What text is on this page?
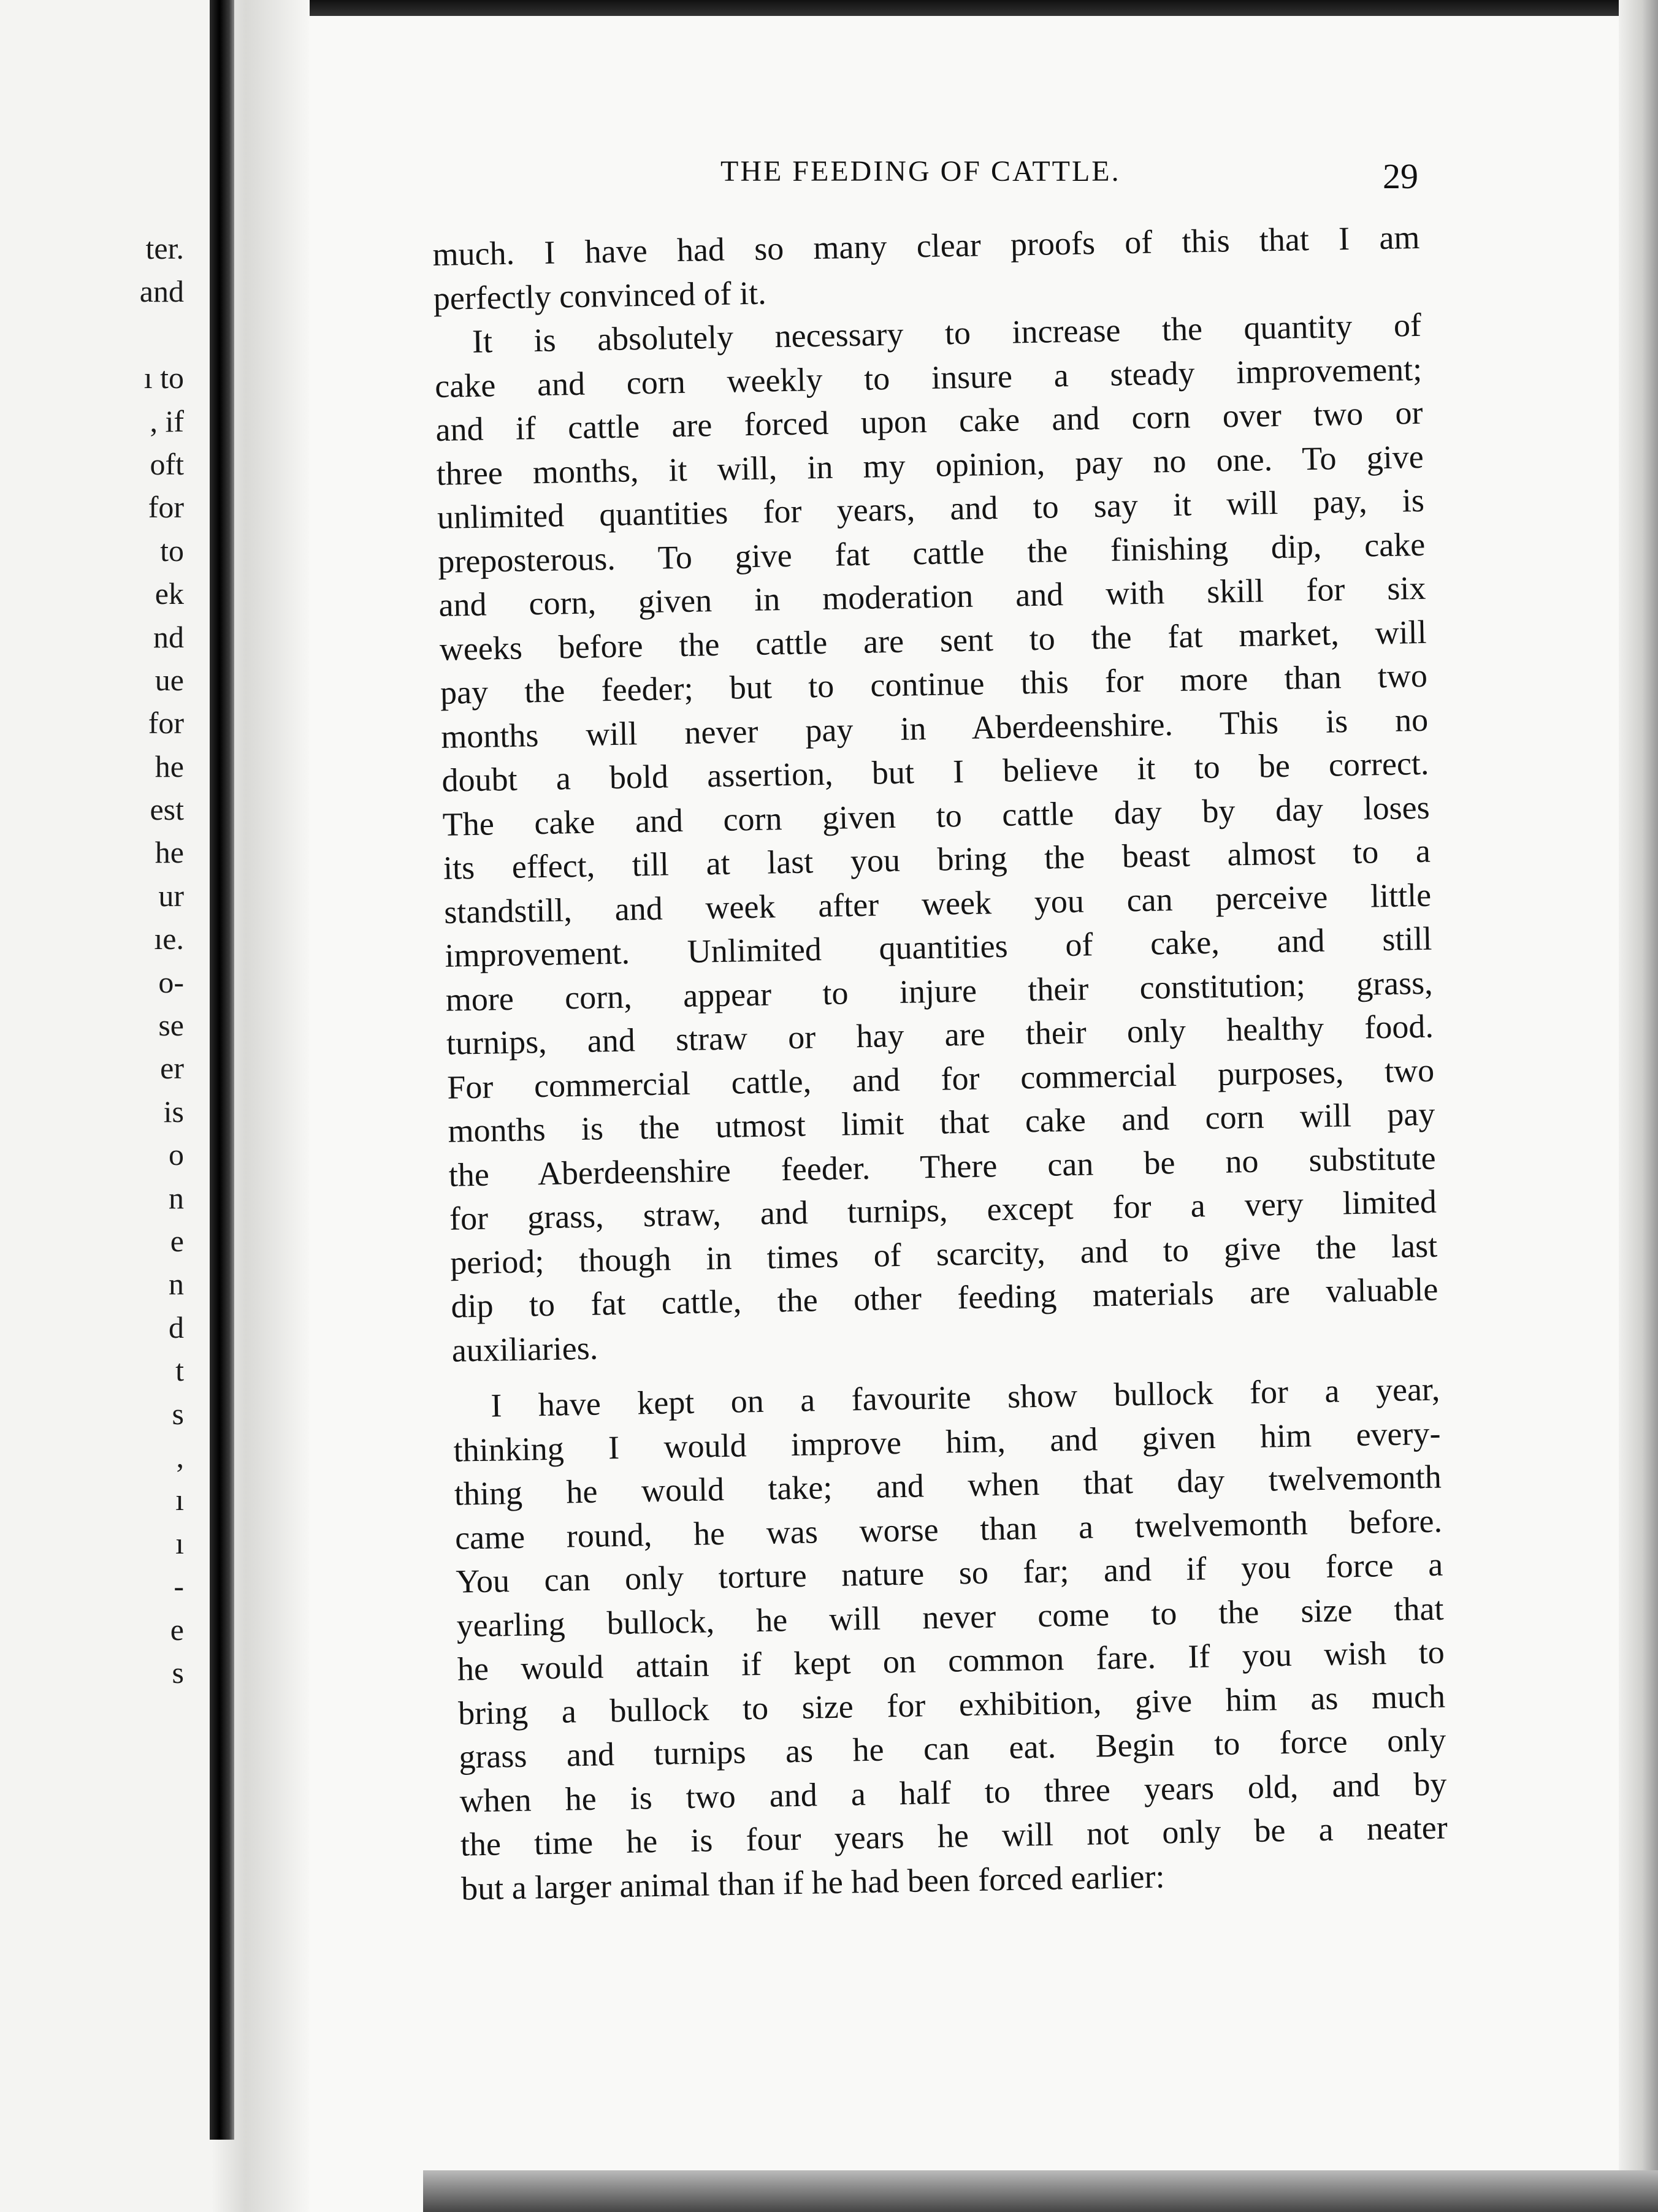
ter.
and
ı to
, if
oft
for
to
ek
nd
ue
for
he
est
he
ur
ıe.
o-
se
er
is
o
n
e
n
d
t
s
,
ı
ı
-
e
s
THE FEEDING OF CATTLE.	29
much. I have had so many clear proofs of this that I am
perfectly convinced of it.
It is absolutely necessary to increase the quantity of
cake and corn weekly to insure a steady improvement;
and if cattle are forced upon cake and corn over two or
three months, it will, in my opinion, pay no one. To give
unlimited quantities for years, and to say it will pay, is
preposterous. To give fat cattle the finishing dip, cake
and corn, given in moderation and with skill for six
weeks before the cattle are sent to the fat market, will
pay the feeder; but to continue this for more than two
months will never pay in Aberdeenshire. This is no
doubt a bold assertion, but I believe it to be correct.
The cake and corn given to cattle day by day loses
its effect, till at last you bring the beast almost to a
standstill, and week after week you can perceive little
improvement. Unlimited quantities of cake, and still
more corn, appear to injure their constitution; grass,
turnips, and straw or hay are their only healthy food.
For commercial cattle, and for commercial purposes, two
months is the utmost limit that cake and corn will pay
the Aberdeenshire feeder. There can be no substitute
for grass, straw, and turnips, except for a very limited
period; though in times of scarcity, and to give the last
dip to fat cattle, the other feeding materials are valuable
auxiliaries.
I have kept on a favourite show bullock for a year,
thinking I would improve him, and given him every-
thing he would take; and when that day twelvemonth
came round, he was worse than a twelvemonth before.
You can only torture nature so far; and if you force a
yearling bullock, he will never come to the size that
he would attain if kept on common fare. If you wish to
bring a bullock to size for exhibition, give him as much
grass and turnips as he can eat. Begin to force only
when he is two and a half to three years old, and by
the time he is four years he will not only be a neater
but a larger animal than if he had been forced earlier:
